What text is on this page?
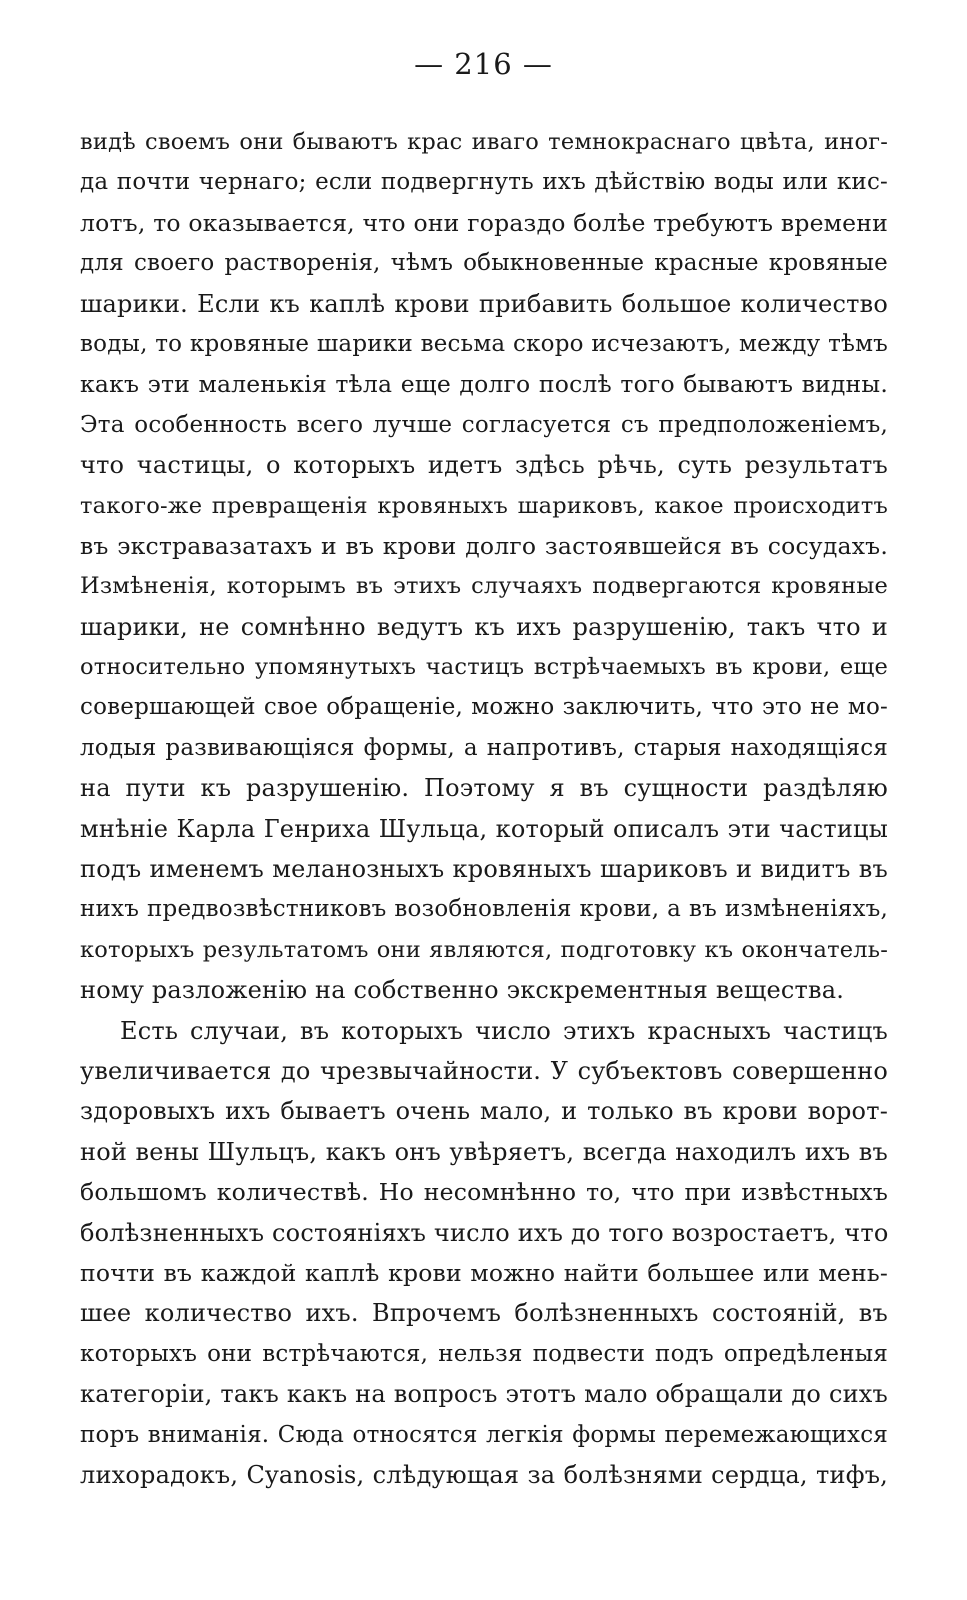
— 216 —
видѣ своемъ они бываютъ крас иваго темнокраснаго цвѣта, иног-
да почти чернаго; если подвергнуть ихъ дѣйствію воды или кис-
лотъ, то оказывается, что они гораздо болѣе требуютъ времени
для своего растворенія, чѣмъ обыкновенные красные кровяные
шарики. Если къ каплѣ крови прибавить большое количество
воды, то кровяные шарики весьма скоро исчезаютъ, между тѣмъ
какъ эти маленькія тѣла еще долго послѣ того бываютъ видны.
Эта особенность всего лучше согласуется съ предположеніемъ,
что частицы, о которыхъ идетъ здѣсь рѣчь, суть результатъ
такого-же превращенія кровяныхъ шариковъ, какое происходитъ
въ экстравазатахъ и въ крови долго застоявшейся въ сосудахъ.
Измѣненія, которымъ въ этихъ случаяхъ подвергаются кровяные
шарики, не сомнѣнно ведутъ къ ихъ разрушенію, такъ что и
относительно упомянутыхъ частицъ встрѣчаемыхъ въ крови, еще
совершающей свое обращеніе, можно заключить, что это не мо-
лодыя развивающіяся формы, а напротивъ, старыя находящіяся
на пути къ разрушенію. Поэтому я въ сущности раздѣляю
мнѣніе Карла Генриха Шульца, который описалъ эти частицы
подъ именемъ меланозныхъ кровяныхъ шариковъ и видитъ въ
нихъ предвозвѣстниковъ возобновленія крови, а въ измѣненіяхъ,
которыхъ результатомъ они являются, подготовку къ окончатель-
ному разложенію на собственно экскрементныя вещества.
Есть случаи, въ которыхъ число этихъ красныхъ частицъ
увеличивается до чрезвычайности. У субъектовъ совершенно
здоровыхъ ихъ бываетъ очень мало, и только въ крови ворот-
ной вены Шульцъ, какъ онъ увѣряетъ, всегда находилъ ихъ въ
большомъ количествѣ. Но несомнѣнно то, что при извѣстныхъ
болѣзненныхъ состояніяхъ число ихъ до того возростаетъ, что
почти въ каждой каплѣ крови можно найти большее или мень-
шее количество ихъ. Впрочемъ болѣзненныхъ состояній, въ
которыхъ они встрѣчаются, нельзя подвести подъ опредѣленыя
категоріи, такъ какъ на вопросъ этотъ мало обращали до сихъ
поръ вниманія. Сюда относятся легкія формы перемежающихся
лихорадокъ, Cyanosis, слѣдующая за болѣзнями сердца, тифъ,
